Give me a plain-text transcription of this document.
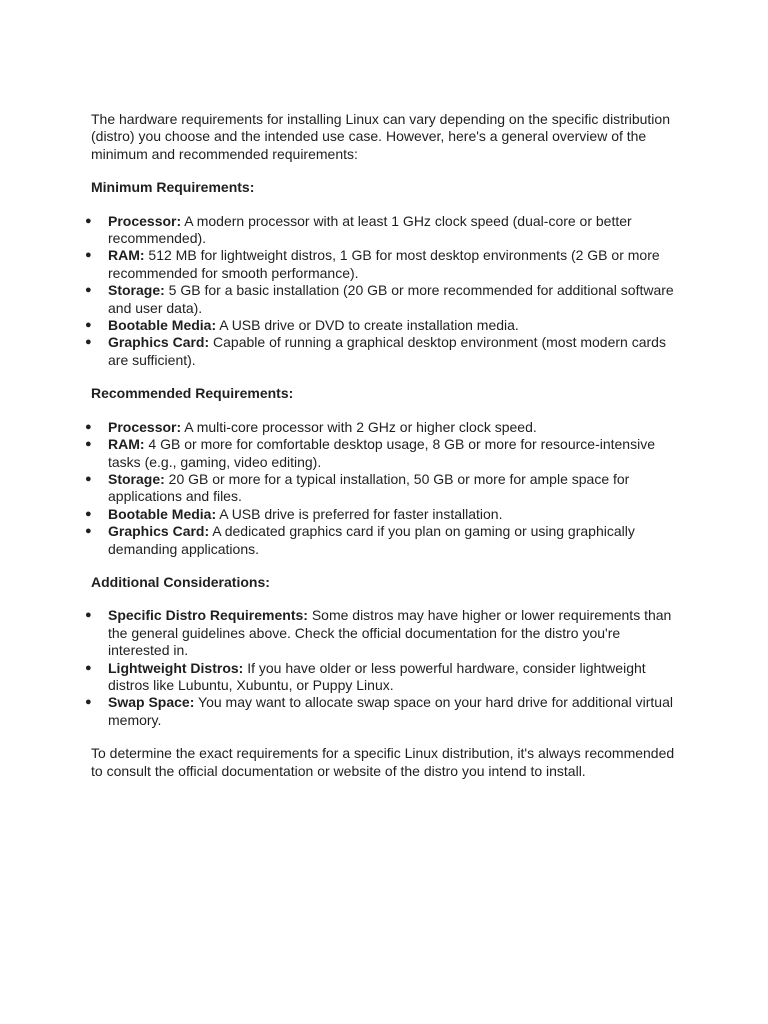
The hardware requirements for installing Linux can vary depending on the specific distribution (distro) you choose and the intended use case. However, here's a general overview of the minimum and recommended requirements:

Minimum Requirements:

● Processor: A modern processor with at least 1 GHz clock speed (dual-core or better recommended).
● RAM: 512 MB for lightweight distros, 1 GB for most desktop environments (2 GB or more recommended for smooth performance).
● Storage: 5 GB for a basic installation (20 GB or more recommended for additional software and user data).
● Bootable Media: A USB drive or DVD to create installation media.
● Graphics Card: Capable of running a graphical desktop environment (most modern cards are sufficient).

Recommended Requirements:

● Processor: A multi-core processor with 2 GHz or higher clock speed.
● RAM: 4 GB or more for comfortable desktop usage, 8 GB or more for resource-intensive tasks (e.g., gaming, video editing).
● Storage: 20 GB or more for a typical installation, 50 GB or more for ample space for applications and files.
● Bootable Media: A USB drive is preferred for faster installation.
● Graphics Card: A dedicated graphics card if you plan on gaming or using graphically demanding applications.

Additional Considerations:

● Specific Distro Requirements: Some distros may have higher or lower requirements than the general guidelines above. Check the official documentation for the distro you're interested in.
● Lightweight Distros: If you have older or less powerful hardware, consider lightweight distros like Lubuntu, Xubuntu, or Puppy Linux.
● Swap Space: You may want to allocate swap space on your hard drive for additional virtual memory.

To determine the exact requirements for a specific Linux distribution, it's always recommended to consult the official documentation or website of the distro you intend to install.
